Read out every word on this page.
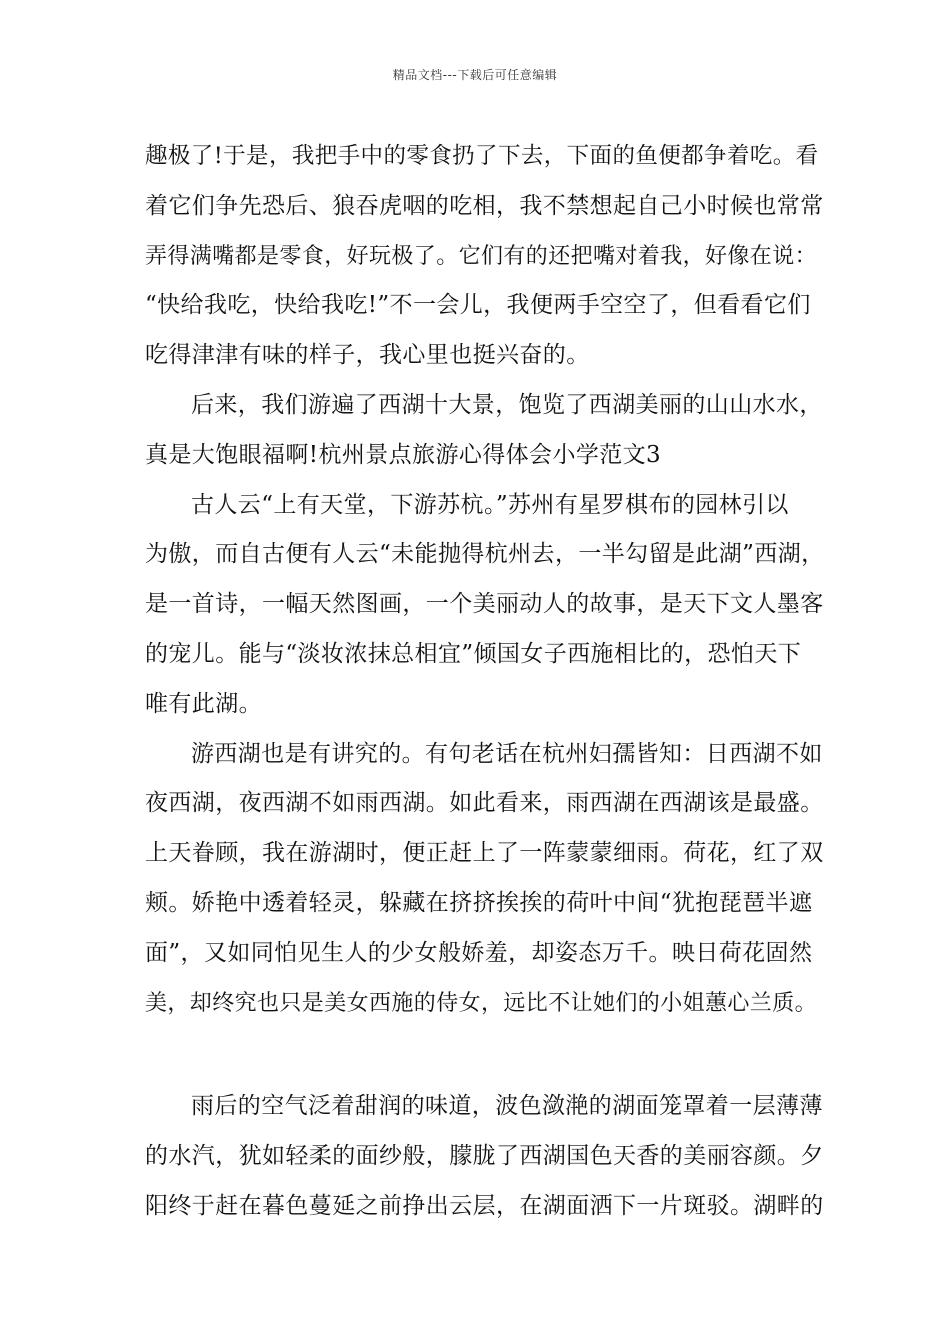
精品文档---下载后可任意编辑
趣极了!于是，我把手中的零食扔了下去，下面的鱼便都争着吃。看
着它们争先恐后、狼吞虎咽的吃相，我不禁想起自己小时候也常常
弄得满嘴都是零食，好玩极了。它们有的还把嘴对着我，好像在说：
“快给我吃，快给我吃!”不一会儿，我便两手空空了，但看看它们
吃得津津有味的样子，我心里也挺兴奋的。
后来，我们游遍了西湖十大景，饱览了西湖美丽的山山水水，
真是大饱眼福啊!杭州景点旅游心得体会小学范文3
古人云“上有天堂，下游苏杭。”苏州有星罗棋布的园林引以
为傲，而自古便有人云“未能抛得杭州去，一半勾留是此湖”西湖，
是一首诗，一幅天然图画，一个美丽动人的故事，是天下文人墨客
的宠儿。能与“淡妆浓抹总相宜”倾国女子西施相比的，恐怕天下
唯有此湖。
游西湖也是有讲究的。有句老话在杭州妇孺皆知：日西湖不如
夜西湖，夜西湖不如雨西湖。如此看来，雨西湖在西湖该是最盛。
上天眷顾，我在游湖时，便正赶上了一阵蒙蒙细雨。荷花，红了双
颊。娇艳中透着轻灵，躲藏在挤挤挨挨的荷叶中间“犹抱琵琶半遮
面”，又如同怕见生人的少女般娇羞，却姿态万千。映日荷花固然
美，却终究也只是美女西施的侍女，远比不让她们的小姐蕙心兰质。
雨后的空气泛着甜润的味道，波色潋滟的湖面笼罩着一层薄薄
的水汽，犹如轻柔的面纱般，朦胧了西湖国色天香的美丽容颜。夕
阳终于赶在暮色蔓延之前挣出云层，在湖面洒下一片斑驳。湖畔的
